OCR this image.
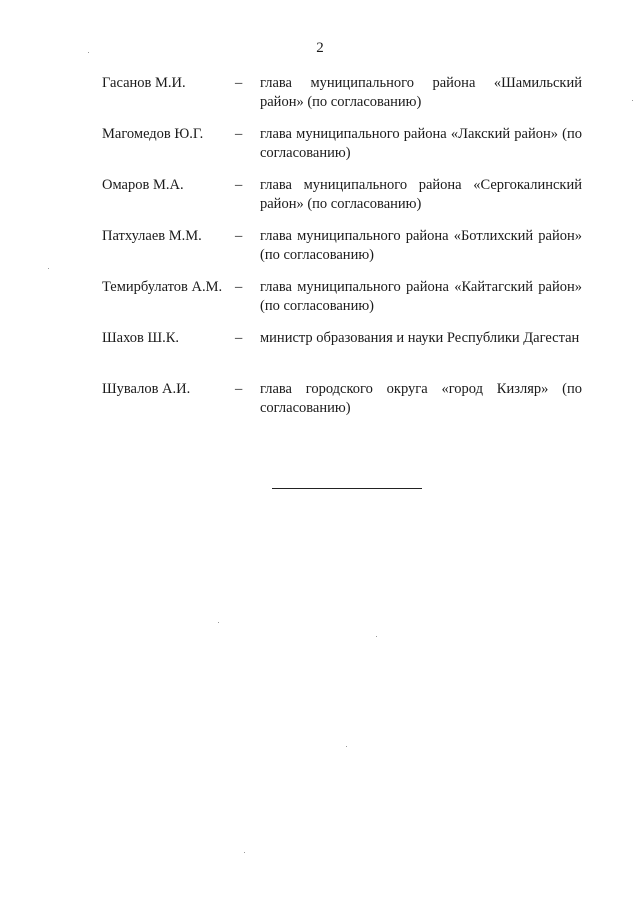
2
Гасанов М.И.	–	глава муниципального района «Шамильский район» (по согласованию)
Магомедов Ю.Г.	–	глава муниципального района «Лакский район» (по согласованию)
Омаров М.А.	–	глава муниципального района «Сергокалинский район» (по согласованию)
Патхулаев М.М.	–	глава муниципального района «Ботлихский район» (по согласованию)
Темирбулатов А.М. –	глава муниципального района «Кайтагский район» (по согласованию)
Шахов Ш.К.	–	министр образования и науки Республики Дагестан
Шувалов А.И.	–	глава городского округа «город Кизляр» (по согласованию)
